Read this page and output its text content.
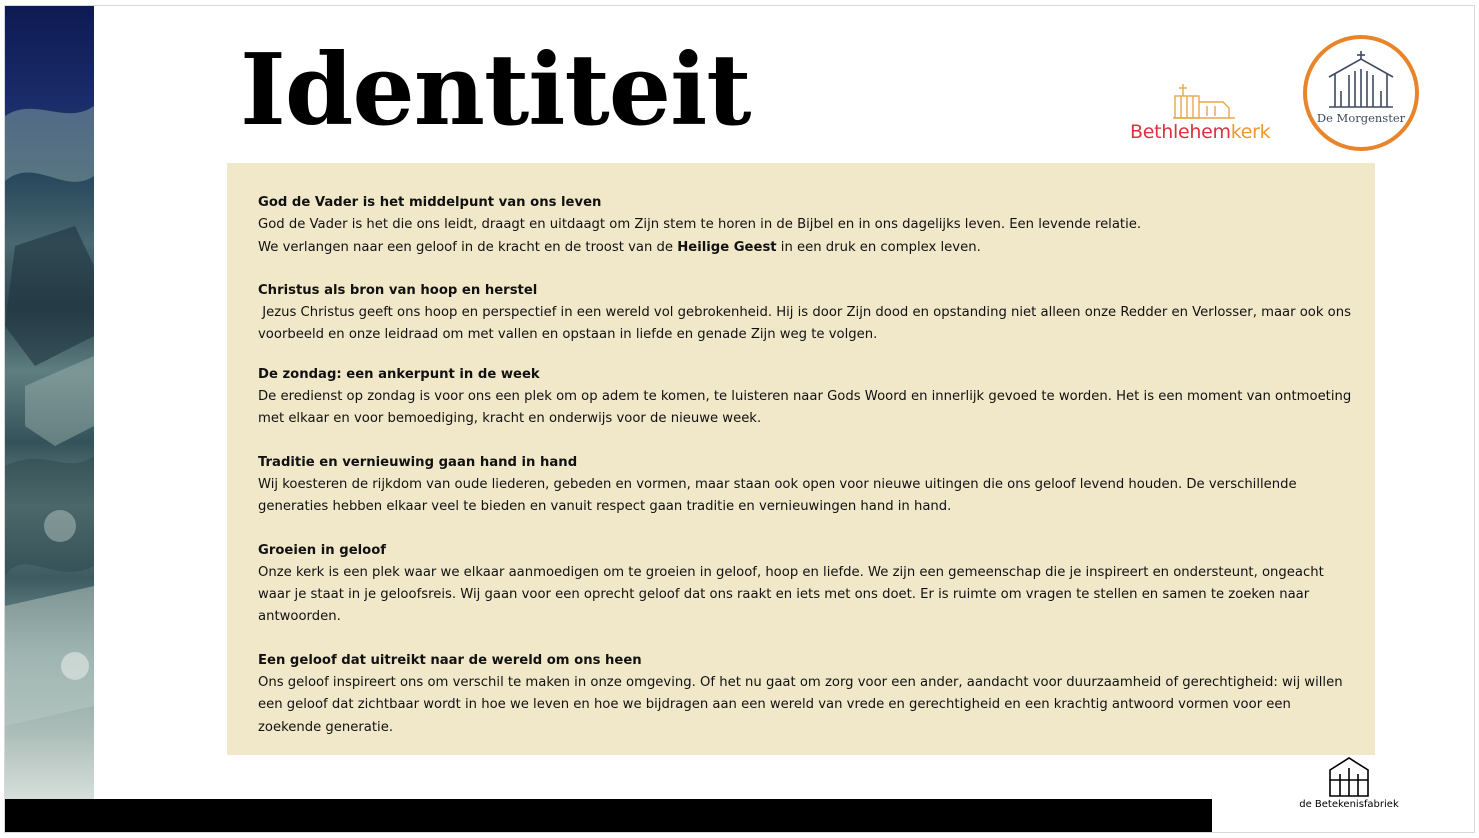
Identiteit	Bethlehemkerk
De Morgenster
God de Vader is het middelpunt van ons leven

God de Vader is het die ons leidt, draagt en uitdaagt om Zijn stem te horen in de Bijbel en in ons dagelijks leven. Een levende relatie.

We verlangen naar een geloof in de kracht en de troost van de Heilige Geest in een druk en complex leven.

Christus als bron van hoop en herstel

Jezus Christus geeft ons hoop en perspectief in een wereld vol gebrokenheid. Hij is door Zijn dood en opstanding niet alleen onze Redder en Verlosser, maar ook ons voorbeeld en onze leidraad om met vallen en opstaan in liefde en genade Zijn weg te volgen.

De zondag: een ankerpunt in de week

De eredienst op zondag is voor ons een plek om op adem te komen, te luisteren naar Gods Woord en innerlijk gevoed te worden. Het is een moment van ontmoeting met elkaar en voor bemoediging, kracht en onderwijs voor de nieuwe week.

Traditie en vernieuwing gaan hand in hand

Wij koesteren de rijkdom van oude liederen, gebeden en vormen, maar staan ook open voor nieuwe uitingen die ons geloof levend houden. De verschillende generaties hebben elkaar veel te bieden en vanuit respect gaan traditie en vernieuwingen hand in hand.

Groeien in geloof

Onze kerk is een plek waar we elkaar aanmoedigen om te groeien in geloof, hoop en liefde. We zijn een gemeenschap die je inspireert en ondersteunt, ongeacht waar je staat in je geloofsreis. Wij gaan voor een oprecht geloof dat ons raakt en iets met ons doet. Er is ruimte om vragen te stellen en samen te zoeken naar antwoorden.

Een geloof dat uitreikt naar de wereld om ons heen

Ons geloof inspireert ons om verschil te maken in onze omgeving. Of het nu gaat om zorg voor een ander, aandacht voor duurzaamheid of gerechtigheid: wij willen een geloof dat zichtbaar wordt in hoe we leven en hoe we bijdragen aan een wereld van vrede en gerechtigheid en een krachtig antwoord vormen voor een zoekende generatie.

de Betekenisfabriek
